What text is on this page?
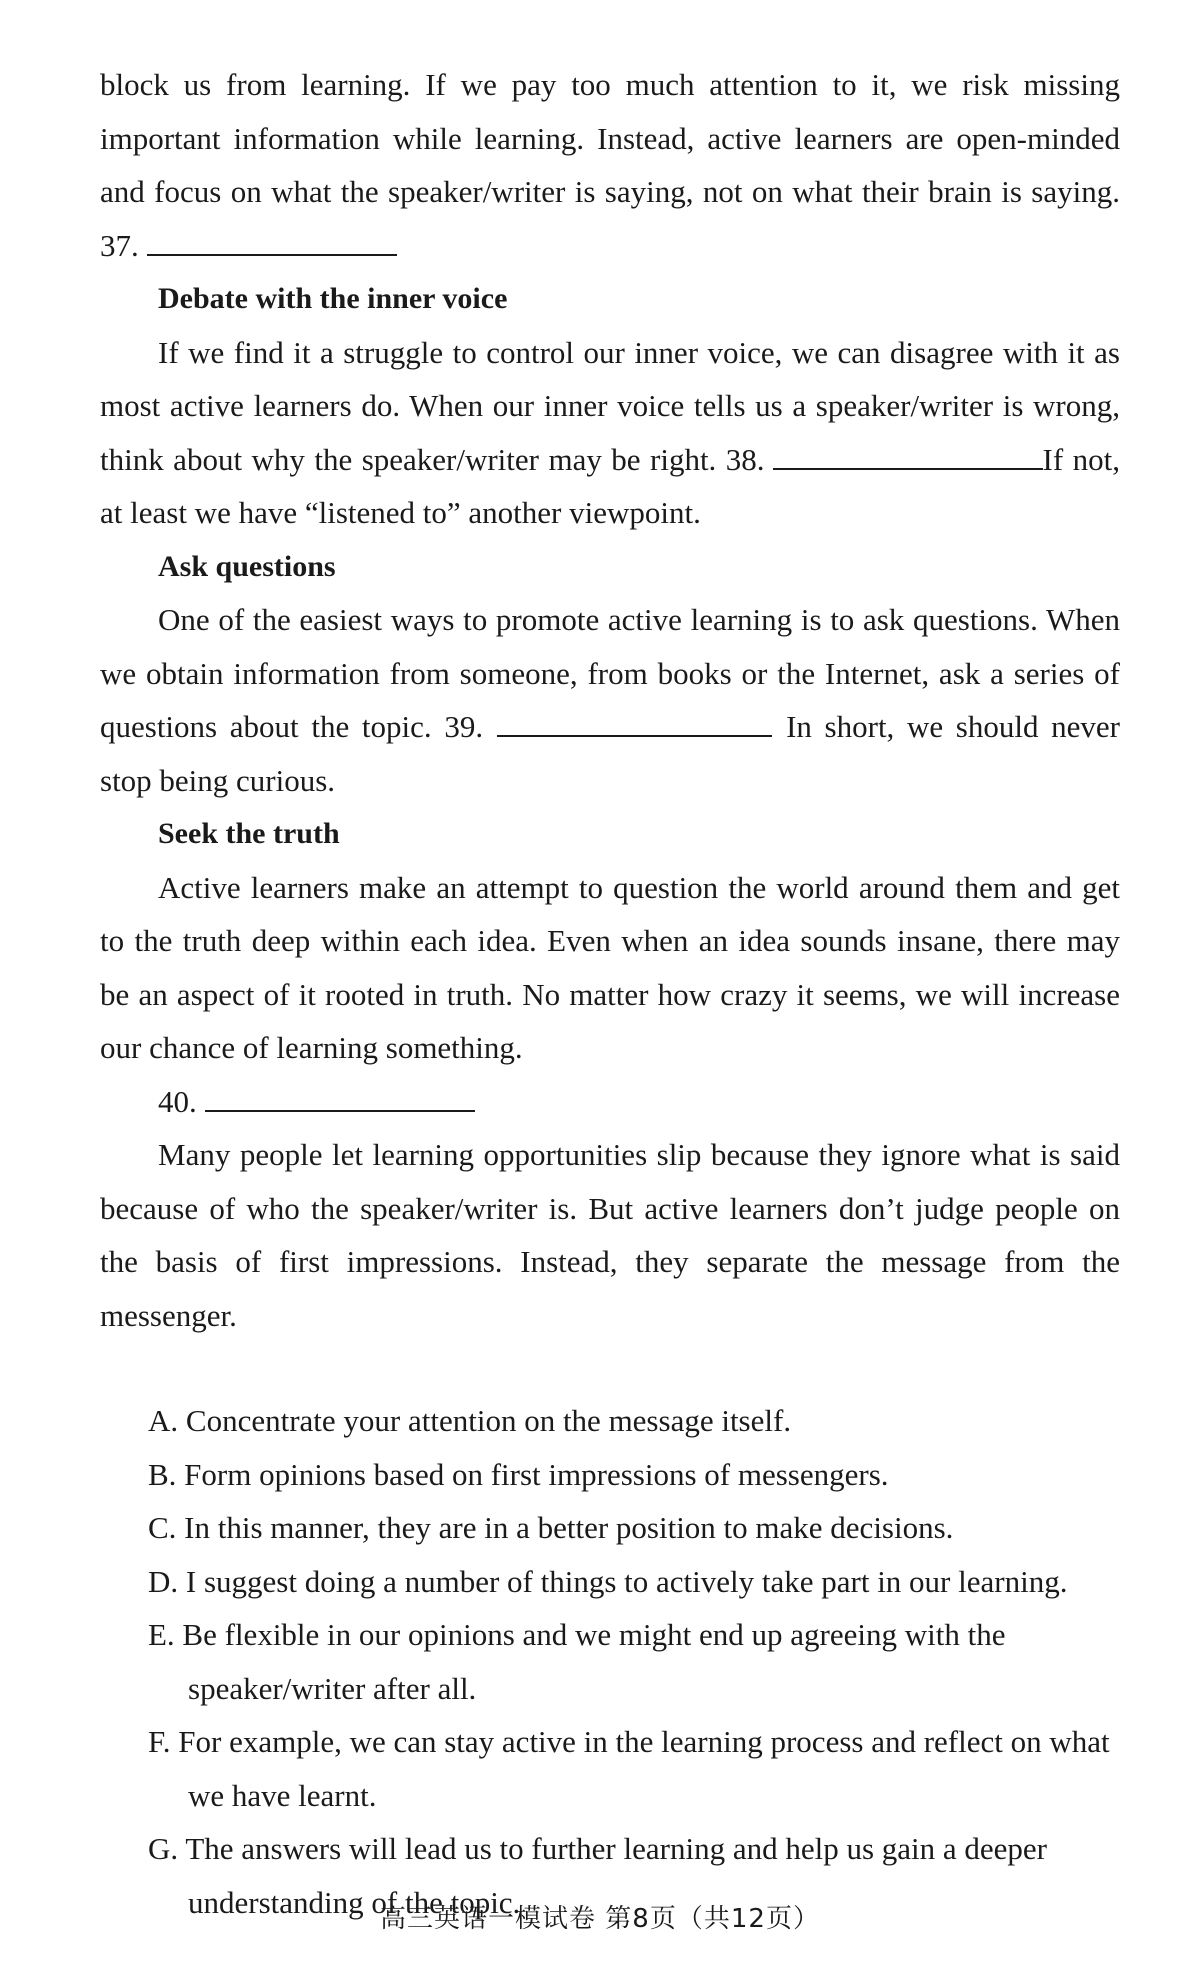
block us from learning. If we pay too much attention to it, we risk missing important information while learning. Instead, active learners are open-minded and focus on what the speaker/writer is saying, not on what their brain is saying. 37.

Debate with the inner voice

If we find it a struggle to control our inner voice, we can disagree with it as most active learners do. When our inner voice tells us a speaker/writer is wrong, think about why the speaker/writer may be right. 38.	If not, at least we have “listened to” another viewpoint.

Ask questions

One of the easiest ways to promote active learning is to ask questions. When we obtain information from someone, from books or the Internet, ask a series of questions about the topic. 39.	In short, we should never stop being curious.

Seek the truth

Active learners make an attempt to question the world around them and get to the truth deep within each idea. Even when an idea sounds insane, there may be an aspect of it rooted in truth. No matter how crazy it seems, we will increase our chance of learning something.

40.

Many people let learning opportunities slip because they ignore what is said because of who the speaker/writer is. But active learners don’t judge people on the basis of first impressions. Instead, they separate the message from the messenger.

A. Concentrate your attention on the message itself.

B. Form opinions based on first impressions of messengers.

C. In this manner, they are in a better position to make decisions.

D. I suggest doing a number of things to actively take part in our learning.

E. Be flexible in our opinions and we might end up agreeing with the speaker/writer after all.

F. For example, we can stay active in the learning process and reflect on what we have learnt.

G. The answers will lead us to further learning and help us gain a deeper understanding of the topic.

高三英语一模试卷 第8页（共12页）
